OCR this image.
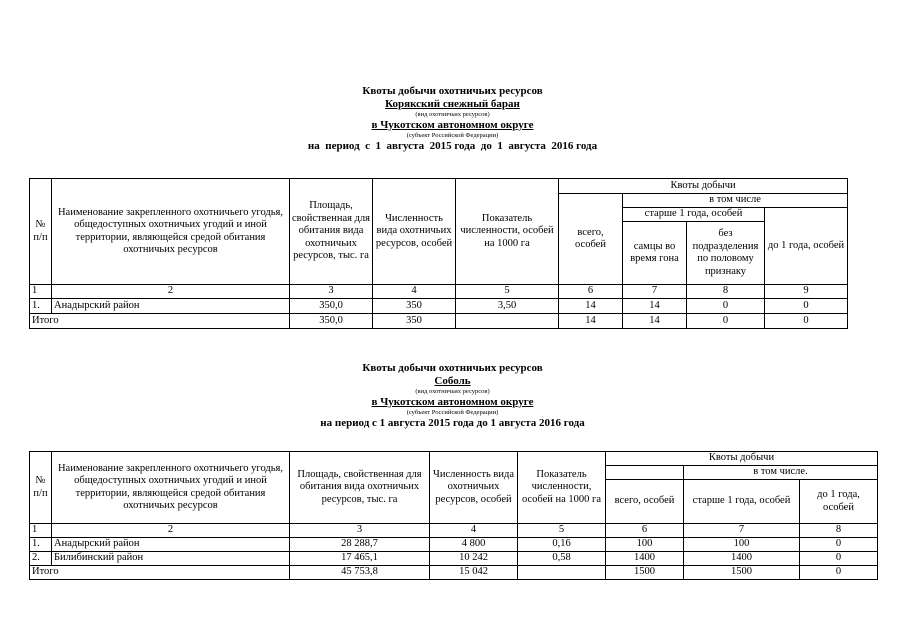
Квоты добычи охотничьих ресурсов
Корякский снежный баран
(вид охотничьих ресурсов)
в Чукотском автономном округе
(субъект Российской Федерации)
на  период  с  1  августа  2015 года  до  1  августа  2016 года
№ п/п	Наименование закрепленного охотничьего угодья, общедоступных охотничьих угодий и иной территории, являющейся средой обитания охотничьих ресурсов	Площадь, свойственная для обитания вида охотничьих ресурсов, тыс. га	Численность вида охотничьих ресурсов, особей	Показатель численности, особей на 1000 га	Квоты добычи			
					всего, особей	в том числе		
						старше 1 года, особей		до 1 года, особей
						самцы во время гона	без подразделения по половому признаку	
1	2	3	4	5	6	7	8	9
1.	Анадырский район	350,0	350	3,50	14	14	0	0
Итого		350,0	350		14	14	0	0
Квоты добычи охотничьих ресурсов
Соболь
(вид охотничьих ресурсов)
в Чукотском автономном округе
(субъект Российской Федерации)
на период с 1 августа 2015 года до 1 августа 2016 года
№ п/п	Наименование закрепленного охотничьего угодья, общедоступных охотничьих угодий и иной территории, являющейся средой обитания охотничьих ресурсов	Площадь, свойственная для обитания вида охотничьих ресурсов, тыс. га	Численность вида охотничьих ресурсов, особей	Показатель численности, особей на 1000 га	Квоты добычи		
						в том числе.	
					всего, особей	старше 1 года, особей	до 1 года, особей
1	2	3	4	5	6	7	8
1.	Анадырский район	28 288,7	4 800	0,16	100	100	0
2.	Билибинский район	17 465,1	10 242	0,58	1400	1400	0
Итого		45 753,8	15 042		1500	1500	0
